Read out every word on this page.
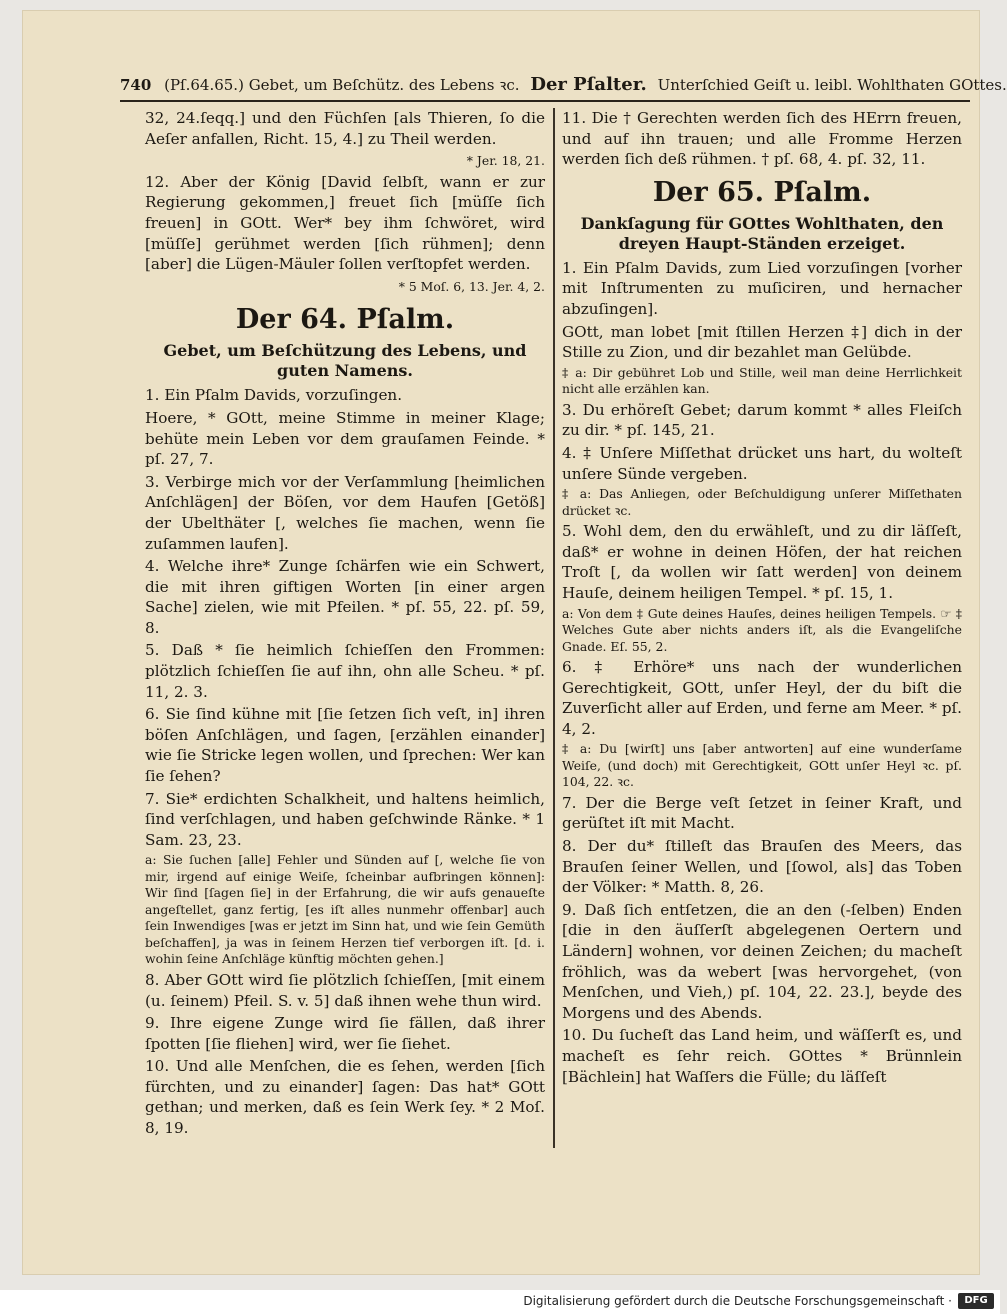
740 (Pſ.64.65.) Gebet, um Beſchütz. des Lebens ꝛc. Der Pſalter. Unterſchied Geiſt u. leibl. Wohlthaten GOttes.

32, 24.ſeqq.] und den Füchſen [als Thieren, ſo die Aeſer anfallen, Richt. 15, 4.] zu Theil werden.

* Jer. 18, 21.

12. Aber der König [David ſelbſt, wann er zur Regierung gekommen,] freuet ſich [müſſe ſich freuen] in GOtt. Wer* bey ihm ſchwöret, wird [müſſe] gerühmet werden [ſich rühmen]; denn [aber] die Lügen-Mäuler ſollen verſtopfet werden.

* 5 Moſ. 6, 13. Jer. 4, 2.
Der 64. Pſalm.
Gebet, um Beſchützung des Lebens, und guten Namens.

1. Ein Pſalm Davids, vorzuſingen.

Hoere, * GOtt, meine Stimme in meiner Klage; behüte mein Leben vor dem grauſamen Feinde. * pſ. 27, 7.

3. Verbirge mich vor der Verſammlung [heimlichen Anſchlägen] der Böſen, vor dem Haufen [Getöß] der Ubelthäter [, welches ſie machen, wenn ſie zuſammen laufen].

4. Welche ihre* Zunge ſchärfen wie ein Schwert, die mit ihren giftigen Worten [in einer argen Sache] zielen, wie mit Pfeilen. * pſ. 55, 22. pſ. 59, 8.

5. Daß * ſie heimlich ſchieſſen den Frommen: plötzlich ſchieſſen ſie auf ihn, ohn alle Scheu. * pſ. 11, 2. 3.

6. Sie ſind kühne mit [ſie ſetzen ſich veſt, in] ihren böſen Anſchlägen, und ſagen, [erzählen einander] wie ſie Stricke legen wollen, und ſprechen: Wer kan ſie ſehen?

7. Sie* erdichten Schalkheit, und haltens heimlich, ſind verſchlagen, und haben geſchwinde Ränke. * 1 Sam. 23, 23.

a: Sie ſuchen [alle] Fehler und Sünden auf [, welche ſie von mir, irgend auf einige Weiſe, ſcheinbar aufbringen können]: Wir ſind [ſagen ſie] in der Erfahrung, die wir aufs genaueſte angeſtellet, ganz fertig, [es iſt alles nunmehr offenbar] auch ſein Inwendiges [was er jetzt im Sinn hat, und wie ſein Gemüth beſchaffen], ja was in ſeinem Herzen tief verborgen iſt. [d. i. wohin ſeine Anſchläge künftig möchten gehen.]

8. Aber GOtt wird ſie plötzlich ſchieſſen, [mit einem (u. ſeinem) Pfeil. S. v. 5] daß ihnen wehe thun wird.

9. Ihre eigene Zunge wird ſie fällen, daß ihrer ſpotten [ſie fliehen] wird, wer ſie ſiehet.

10. Und alle Menſchen, die es ſehen, werden [ſich fürchten, und zu einander] ſagen: Das hat* GOtt gethan; und merken, daß es ſein Werk ſey. * 2 Moſ. 8, 19.

11. Die † Gerechten werden ſich des HErrn freuen, und auf ihn trauen; und alle Fromme Herzen werden ſich deß rühmen. † pſ. 68, 4. pſ. 32, 11.

Der 65. Pſalm.
Dankſagung für GOttes Wohlthaten, den dreyen Haupt-Ständen erzeiget.

1. Ein Pſalm Davids, zum Lied vorzuſingen [vorher mit Inſtrumenten zu muſiciren, und hernacher abzuſingen].

GOtt, man lobet [mit ſtillen Herzen ‡] dich in der Stille zu Zion, und dir bezahlet man Gelübde.

‡ a: Dir gebühret Lob und Stille, weil man deine Herrlichkeit nicht alle erzählen kan.

3. Du erhöreſt Gebet; darum kommt * alles Fleiſch zu dir. * pſ. 145, 21.

4. ‡ Unſere Miſſethat drücket uns hart, du wolteſt unſere Sünde vergeben.

‡ a: Das Anliegen, oder Beſchuldigung unſerer Miſſethaten drücket ꝛc.

5. Wohl dem, den du erwähleſt, und zu dir läſſeſt, daß* er wohne in deinen Höfen, der hat reichen Troſt [, da wollen wir ſatt werden] von deinem Hauſe, deinem heiligen Tempel. * pſ. 15, 1.

a: Von dem ‡ Gute deines Hauſes, deines heiligen Tempels. ☞ ‡ Welches Gute aber nichts anders iſt, als die Evangeliſche Gnade. Eſ. 55, 2.

6. ‡ Erhöre* uns nach der wunderlichen Gerechtigkeit, GOtt, unſer Heyl, der du biſt die Zuverſicht aller auf Erden, und ferne am Meer. * pſ. 4, 2.

‡ a: Du [wirſt] uns [aber antworten] auf eine wunderſame Weiſe, (und doch) mit Gerechtigkeit, GOtt unſer Heyl ꝛc. pſ. 104, 22. ꝛc.

7. Der die Berge veſt ſetzet in ſeiner Kraft, und gerüſtet iſt mit Macht.

8. Der du* ſtilleſt das Brauſen des Meers, das Brauſen ſeiner Wellen, und [ſowol, als] das Toben der Völker: * Matth. 8, 26.

9. Daß ſich entſetzen, die an den (-ſelben) Enden [die in den äuſſerſt abgelegenen Oertern und Ländern] wohnen, vor deinen Zeichen; du macheſt fröhlich, was da webert [was hervorgehet, (von Menſchen, und Vieh,) pſ. 104, 22. 23.], beyde des Morgens und des Abends.

10. Du ſucheſt das Land heim, und wäſſerſt es, und macheſt es ſehr reich. GOttes * Brünnlein [Bächlein] hat Waſſers die Fülle; du läſſeſt

Digitalisierung gefördert durch die Deutsche Forschungsgemeinschaft ·	DFG
